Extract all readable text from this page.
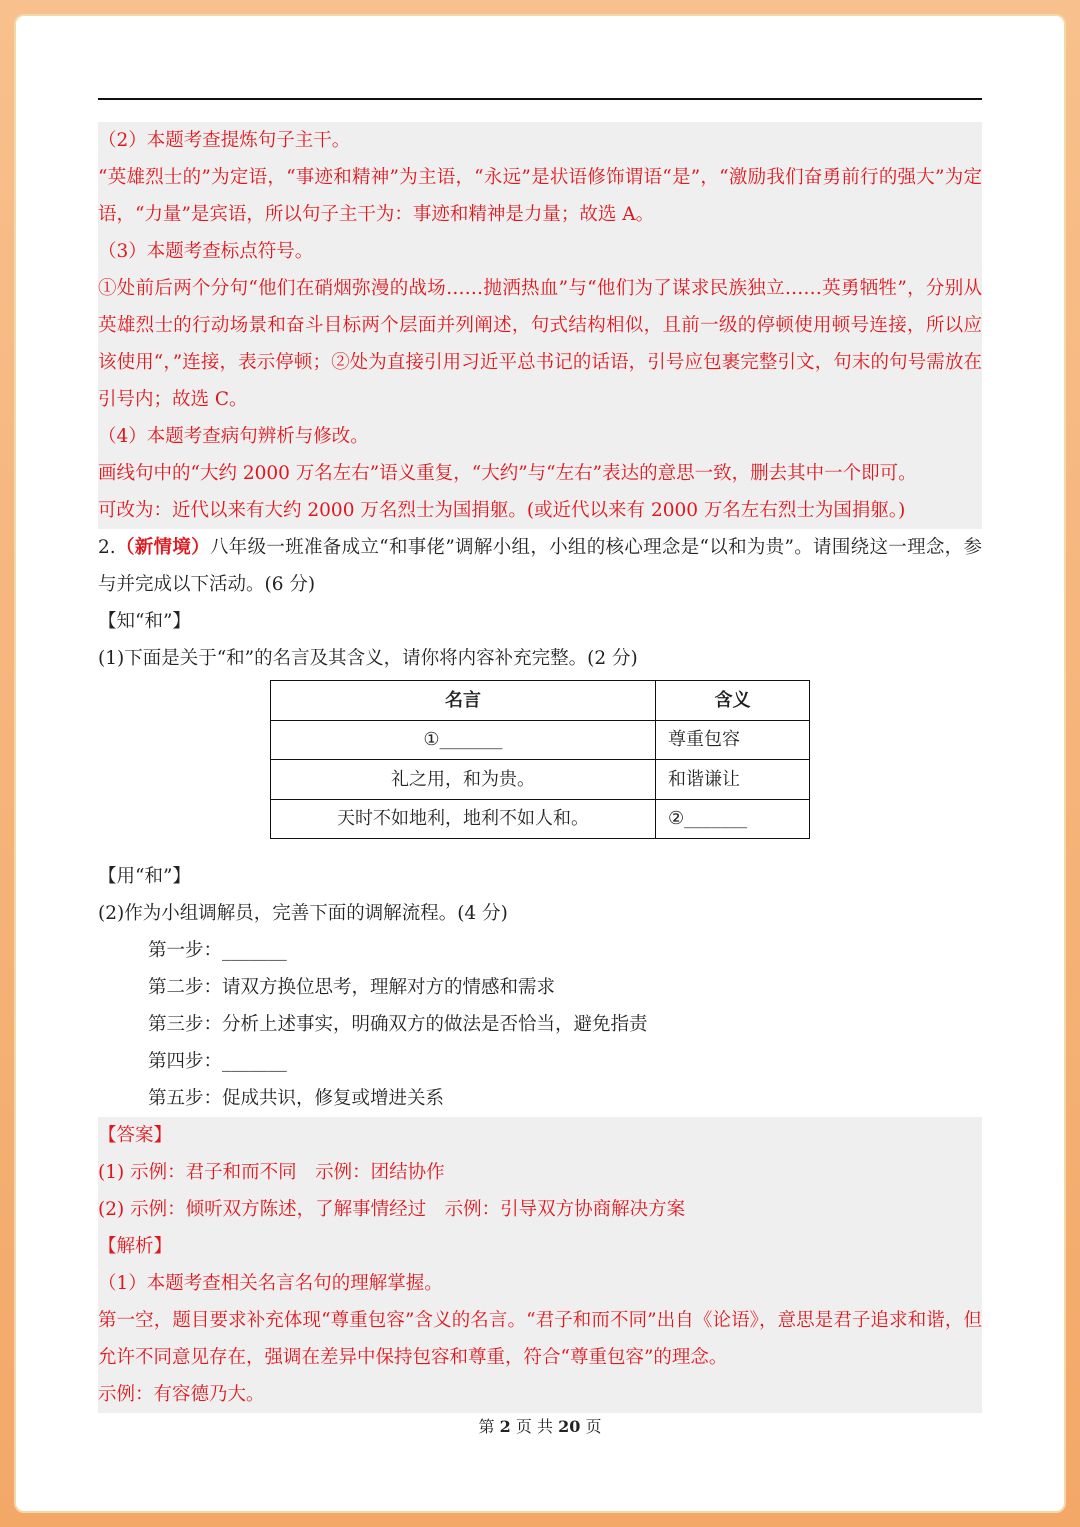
（2）本题考查提炼句子主干。
“英雄烈士的”为定语，“事迹和精神”为主语，“永远”是状语修饰谓语“是”，“激励我们奋勇前行的强大”为定语，“力量”是宾语，所以句子主干为：事迹和精神是力量；故选 A。
（3）本题考查标点符号。
①处前后两个分句“他们在硝烟弥漫的战场……抛洒热血”与“他们为了谋求民族独立……英勇牺牲”，分别从英雄烈士的行动场景和奋斗目标两个层面并列阐述，句式结构相似，且前一级的停顿使用顿号连接，所以应该使用“，”连接，表示停顿；②处为直接引用习近平总书记的话语，引号应包裹完整引文，句末的句号需放在引号内；故选 C。
（4）本题考查病句辨析与修改。
画线句中的“大约 2000 万名左右”语义重复，“大约”与“左右”表达的意思一致，删去其中一个即可。
可改为：近代以来有大约 2000 万名烈士为国捐躯。(或近代以来有 2000 万名左右烈士为国捐躯。)
2.（新情境）八年级一班准备成立“和事佬”调解小组，小组的核心理念是“以和为贵”。请围绕这一理念，参与并完成以下活动。(6 分)
【知“和”】
(1)下面是关于“和”的名言及其含义，请你将内容补充完整。(2 分)
名言	含义
①_______	尊重包容
礼之用，和为贵。	和谐谦让
天时不如地利，地利不如人和。	②_______
【用“和”】
(2)作为小组调解员，完善下面的调解流程。(4 分)
第一步：_______
第二步：请双方换位思考，理解对方的情感和需求
第三步：分析上述事实，明确双方的做法是否恰当，避免指责
第四步：_______
第五步：促成共识，修复或增进关系
【答案】
(1) 示例：君子和而不同　示例：团结协作
(2) 示例：倾听双方陈述，了解事情经过　示例：引导双方协商解决方案
【解析】
（1）本题考查相关名言名句的理解掌握。
第一空，题目要求补充体现“尊重包容”含义的名言。“君子和而不同”出自《论语》，意思是君子追求和谐，但允许不同意见存在，强调在差异中保持包容和尊重，符合“尊重包容”的理念。
示例：有容德乃大。
第 2 页 共 20 页
